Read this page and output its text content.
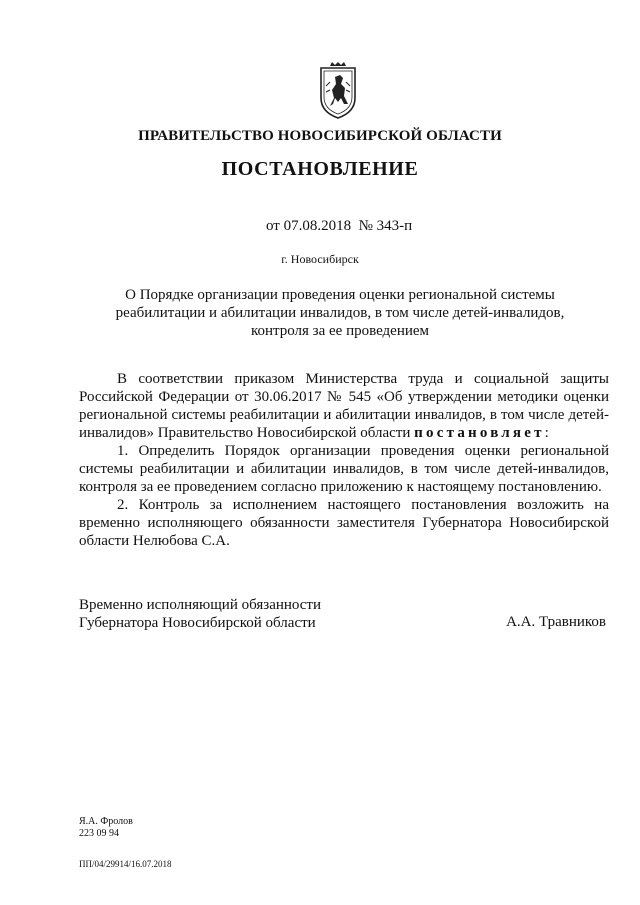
ПРАВИТЕЛЬСТВО НОВОСИБИРСКОЙ ОБЛАСТИ
ПОСТАНОВЛЕНИЕ
от 07.08.2018  № 343-п
г. Новосибирск
О Порядке организации проведения оценки региональной системы
реабилитации и абилитации инвалидов, в том числе детей-инвалидов,
контроля за ее проведением

В соответствии приказом Министерства труда и социальной защиты Российской Федерации от 30.06.2017 № 545 «Об утверждении методики оценки региональной системы реабилитации и абилитации инвалидов, в том числе детей-инвалидов» Правительство Новосибирской области постановляет:

1. Определить Порядок организации проведения оценки региональной системы реабилитации и абилитации инвалидов, в том числе детей-инвалидов, контроля за ее проведением согласно приложению к настоящему постановлению.

2. Контроль за исполнением настоящего постановления возложить на временно исполняющего обязанности заместителя Губернатора Новосибирской области Нелюбова С.А.

Временно исполняющий обязанности
Губернатора Новосибирской области	А.А. Травников
Я.А. Фролов
223 09 94
ПП/04/29914/16.07.2018
